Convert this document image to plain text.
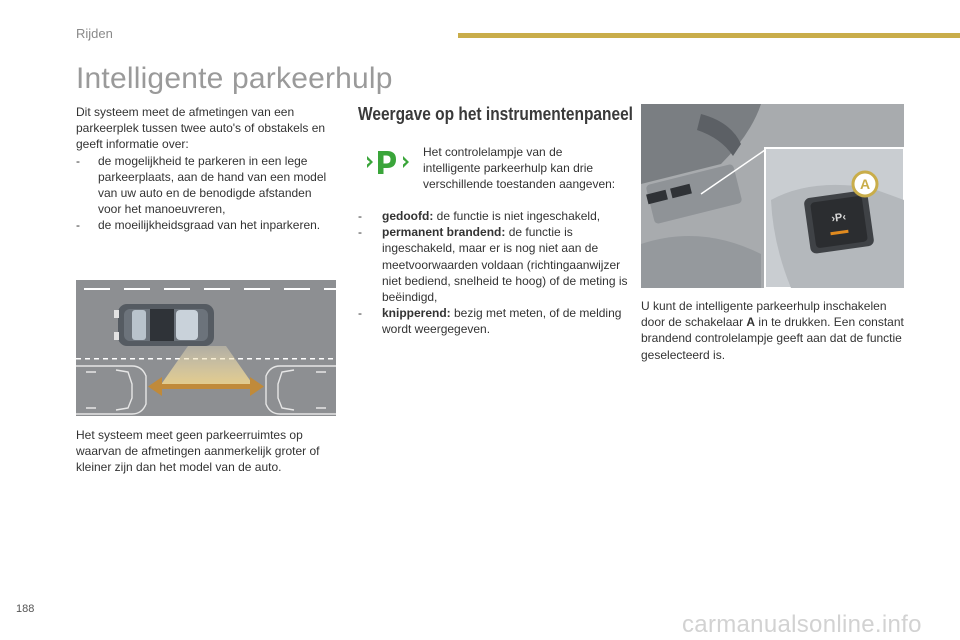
Rijden
Intelligente parkeerhulp

Dit systeem meet de afmetingen van een parkeerplek tussen twee auto's of obstakels en geeft informatie over:

- de mogelijkheid te parkeren in een lege parkeerplaats, aan de hand van een model van uw auto en de benodigde afstanden voor het manoeuvreren,
- de moeilijkheidsgraad van het inparkeren.

Het systeem meet geen parkeerruimtes op waarvan de afmetingen aanmerkelijk groter of kleiner zijn dan het model van de auto.

Weergave op het instrumentenpaneel

Het controlelampje van de intelligente parkeerhulp kan drie verschillende toestanden aangeven:

- gedoofd: de functie is niet ingeschakeld,
- permanent brandend: de functie is ingeschakeld, maar er is nog niet aan de meetvoorwaarden voldaan (richtingaanwijzer niet bediend, snelheid te hoog) of de meting is beëindigd,
- knipperend: bezig met meten, of de melding wordt weergegeven.
›P‹
A

U kunt de intelligente parkeerhulp inschakelen door de schakelaar A in te drukken. Een constant brandend controlelampje geeft aan dat de functie geselecteerd is.

188
carmanualsonline.info
